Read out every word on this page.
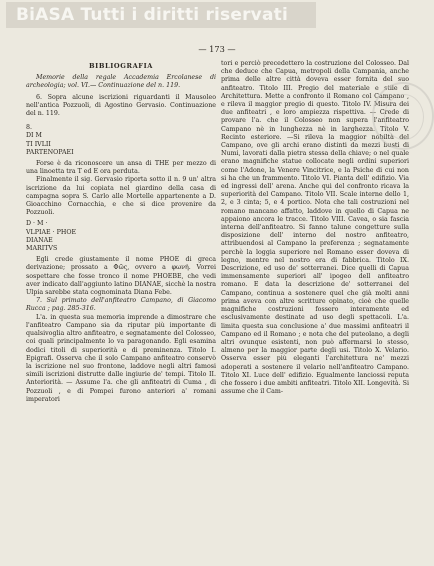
BiASA Tutti i diritti riservati
— 173 —
BIBLIOGRAFIA

Memorie della regale Accademia Ercolanese di archeologia; vol. VI.— Continuazione del n. 119.

6. Sopra alcune iscrizioni riguardanti il Mausoleo nell'antica Pozzuoli, di Agostino Gervasio. Continuazione del n. 119.

8.

DI M

TI IVLII

PARTENOPAEI

Forse è da riconoscere un ansa di THE per mezzo di una linoetta tra T ed E ora perduta.

Finalmente il sig. Gervasio riporta sotto il n. 9 un' altra iscrizione da lui copiata nel giardino della casa di campagna sopra S. Carlo alle Mortelle appartenente a D. Gioacchino Cornacchia, e che si dice provenire da Pozzuoli.

D · M ·

VLPIAE · PHOE

DIANAE

MARITVS

Egli crede giustamente il nome PHOE di greca derivazione; prossato a Φῶς, ovvero a φωνή. Vorrei sospettare che fosse tronco il nome PHOEBE, che vedi aver indicato dall'aggiunto latino DIANAE, sicchè la nostra Ulpia sarebbe stata cognominata Diana Febe.

7. Sul primato dell'anfiteatro Campano, di Giacomo Rucca ; pag. 285-316.

L'a. in questa sua memoria imprende a dimostrare che l'anfiteatro Campano sia da riputar più importante di qualsivoglia altro anfiteatro, e segnatamente del Colosseo, coi quali principalmente lo va paragonando. Egli esamina dodici titoli di superiorità e di preminenza. Titolo I. Epigrafi. Osserva che il solo Campano anfiteatro conservò la iscrizione nel suo frontone, laddove negli altri famosi simili iscrizioni distrutte dalle ingiurie de' tempi. Titolo II. Anteriorità. — Assume l'a. che gli anfiteatri di Cuma , di Pozzuoli , e di Pompei furono anteriori a' romani imperatori

tori e perciò precedettero la costruzione del Colosseo. Dal che deduce che Capua, metropoli della Campania, anche prima delle altre città doveva esser fornita del suo anfiteatro. Titolo III. Pregio del materiale e stile di Architettura. Mette a confronto il Romano col Campano , e rileva il maggior pregio di questo. Titolo IV. Misura dei due anfiteatri , e loro ampiezza rispettiva. — Crede di provare l'a. che il Colosseo non supera l'anfiteatro Campano nè in lunghezza nè in larghezza. Titolo V. Recinto esteriore. —Si rileva la maggior nobiltà del Campano, ove gli archi erano distinti da mezzi busti di Numi, lavorati dalla pietra stessa della chiave; o nel quale erano magnifiche statue collocate negli ordini superiori come l'Adone, la Venere Vincitrice, e la Psiche di cui non si ha che un frammento. Titolo VI. Pianta dell' edifizio. Via ed ingressi dell' arena. Anche qui del confronto ricava la superiorità del Campano. Titolo VII. Scale interne dello 1, 2, e 3 cinta; 5, e 4 portico. Nota che tali costruzioni nel romano mancano affatto, laddove in quello di Capua ne appaiono ancora le tracce. Titolo VIII. Cavea, o sia fascia interna dell'anfiteatro. Si fanno talune congetture sulla disposizione dell' interno del nostro anfiteatro, attribuendosi al Campano la preferenza ; segnatamente perchè la loggia superiore nel Romano esser doveva di legno, mentre nel nostro era di fabbrica. Titolo IX. Descrizione, ed uso de' sotterranei. Dice quelli di Capua immensamente superiori all' ipogeo dell anfiteatro romano. E data la descrizione de' sotterranei del Campano, continua a sostenere quel che già molti anni prima aveva con altre scritture opinato, cioè che quelle magnifiche costruzioni fossero interamente ed esclusivamente destinate ad uso degli spettacoli. L'a. limita questa sua conclusione a' due massimi anfiteatri il Campano ed il Romano ; e nota che del puteolano, a degli altri ovunque esistenti, non può affermarsi lo stesso, almeno per la maggior parte degli usi. Titolo X. Velario. Osserva esser più eleganti l'architettura ne' mezzi adoperati a sostenere il velario nell'anfiteatro Campano. Titolo XI. Luce dell' edifizio. Egualmente lanciossi reputa che fossero i due ambiti anfiteatri. Titolo XII. Longevità. Si assume che il Cam-
